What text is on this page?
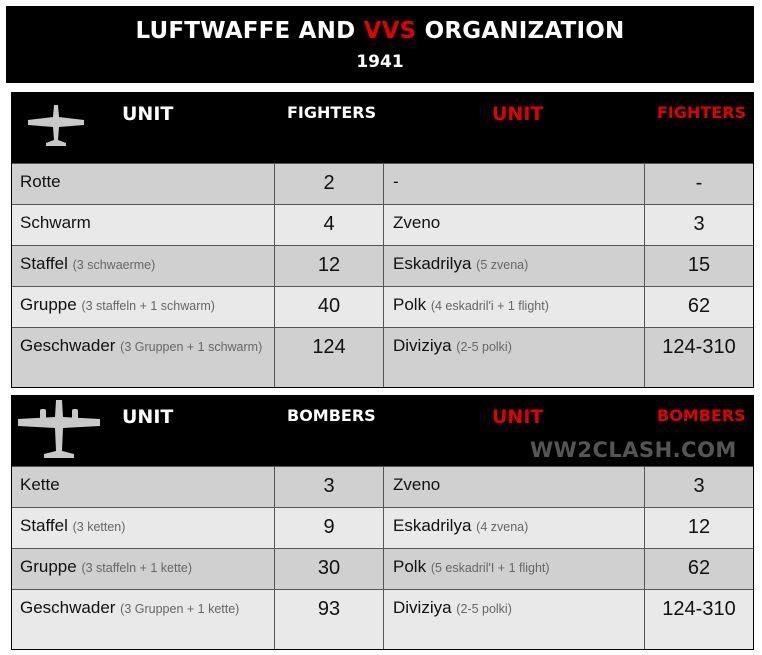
LUFTWAFFE AND VVS ORGANIZATION
1941
UNIT	FIGHTERS	UNIT	FIGHTERS
Rotte	2	-	-
Schwarm	4	Zveno	3
Staffel (3 schwaerme)	12	Eskadrilya (5 zvena)	15
Gruppe (3 staffeln + 1 schwarm)	40	Polk (4 eskadril'i + 1 flight)	62
Geschwader (3 Gruppen + 1 schwarm)	124	Diviziya (2-5 polki)	124-310
UNIT	BOMBERS	UNIT	BOMBERS
WW2CLASH.COM
Kette	3	Zveno	3
Staffel (3 ketten)	9	Eskadrilya (4 zvena)	12
Gruppe (3 staffeln + 1 kette)	30	Polk (5 eskadril'I + 1 flight)	62
Geschwader (3 Gruppen + 1 kette)	93	Diviziya (2-5 polki)	124-310
